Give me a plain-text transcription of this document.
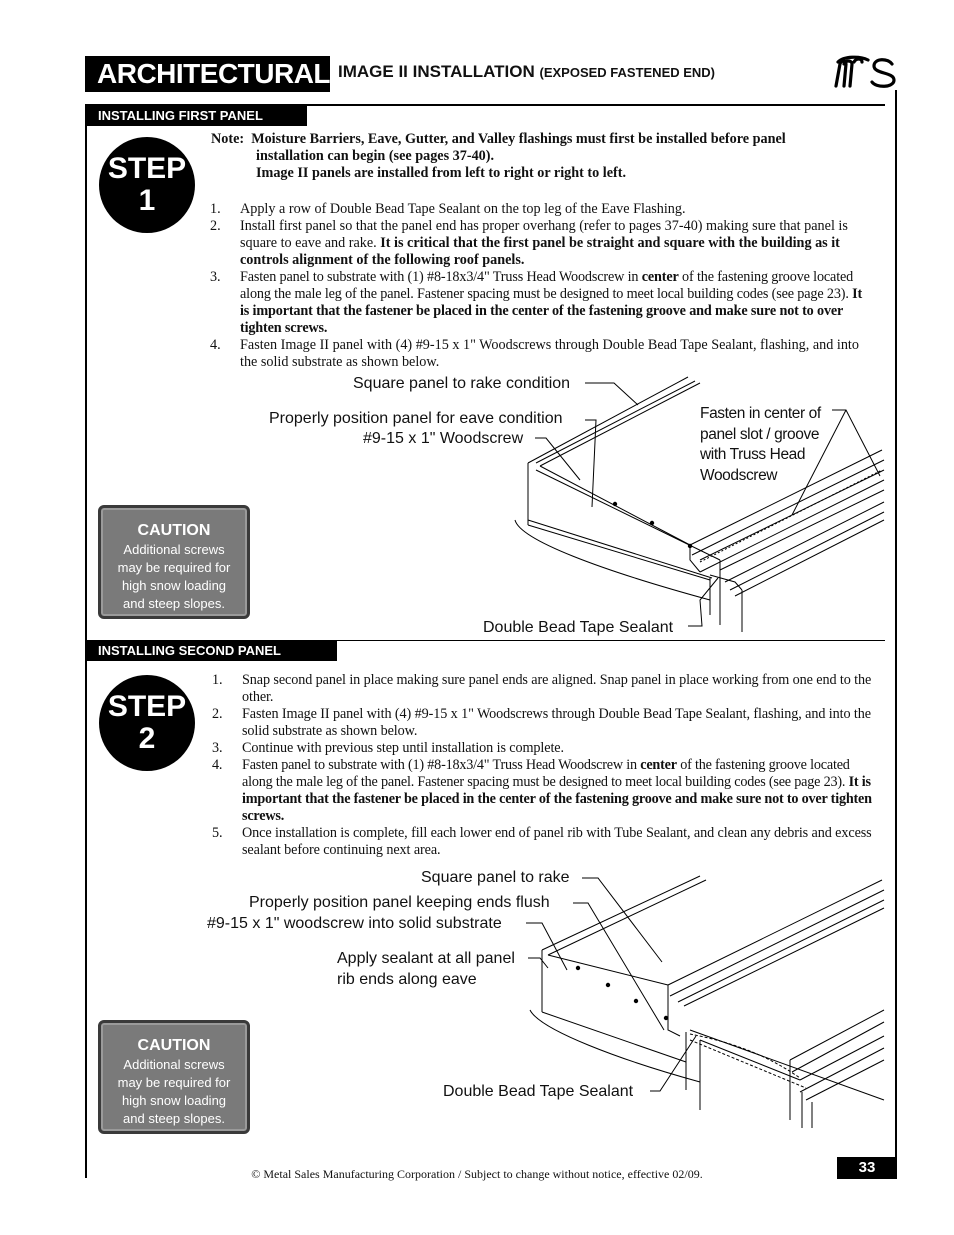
ARCHITECTURAL IMAGE II INSTALLATION (EXPOSED FASTENED END)
INSTALLING FIRST PANEL
STEP
1
Note: Moisture Barriers, Eave, Gutter, and Valley flashings must first be installed before panel
installation can begin (see pages 37-40).
Image II panels are installed from left to right or right to left.
1. Apply a row of Double Bead Tape Sealant on the top leg of the Eave Flashing.
2. Install first panel so that the panel end has proper overhang (refer to pages 37-40) making sure that panel is square to eave and rake. It is critical that the first panel be straight and square with the building as it controls alignment of the following roof panels.
3. Fasten panel to substrate with (1) #8-18x3/4" Truss Head Woodscrew in center of the fastening groove located along the male leg of the panel. Fastener spacing must be designed to meet local building codes (see page 23). It is important that the fastener be placed in the center of the fastening groove and make sure not to over tighten screws.
4. Fasten Image II panel with (4) #9-15 x 1" Woodscrews through Double Bead Tape Sealant, flashing, and into the solid substrate as shown below.
Square panel to rake condition
Properly position panel for eave condition
#9-15 x 1" Woodscrew
Fasten in center of
panel slot / groove
with Truss Head
Woodscrew
Double Bead Tape Sealant
CAUTION
Additional screws
may be required for
high snow loading
and steep slopes.
INSTALLING SECOND PANEL
STEP
2
1. Snap second panel in place making sure panel ends are aligned. Snap panel in place working from one end to the other.
2. Fasten Image II panel with (4) #9-15 x 1" Woodscrews through Double Bead Tape Sealant, flashing, and into the solid substrate as shown below.
3. Continue with previous step until installation is complete.
4. Fasten panel to substrate with (1) #8-18x3/4" Truss Head Woodscrew in center of the fastening groove located along the male leg of the panel. Fastener spacing must be designed to meet local building codes (see page 23). It is important that the fastener be placed in the center of the fastening groove and make sure not to over tighten screws.
5. Once installation is complete, fill each lower end of panel rib with Tube Sealant, and clean any debris and excess sealant before continuing next area.
Square panel to rake
Properly position panel keeping ends flush
#9-15 x 1" woodscrew into solid substrate
Apply sealant at all panel
rib ends along eave
Double Bead Tape Sealant
CAUTION
Additional screws
may be required for
high snow loading
and steep slopes.
© Metal Sales Manufacturing Corporation / Subject to change without notice, effective 02/09.	33
